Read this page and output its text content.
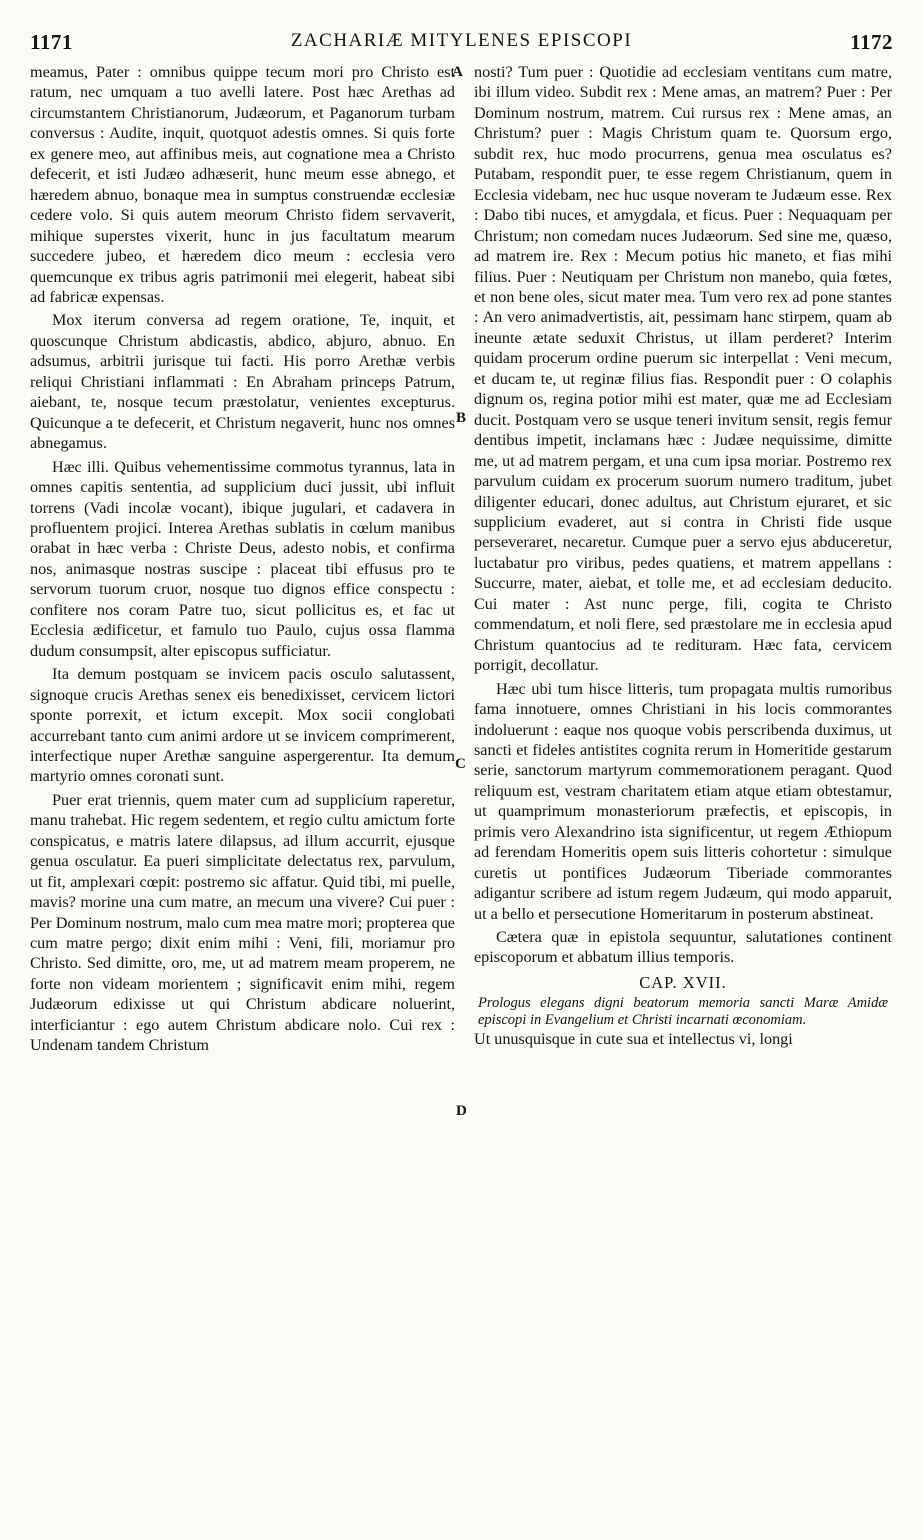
1171	ZACHARIÆ MITYLENES EPISCOPI	1172
A
B
C
D

meamus, Pater : omnibus quippe tecum mori pro Christo est ratum, nec umquam a tuo avelli latere. Post hæc Arethas ad circumstantem Christianorum, Judæorum, et Paganorum turbam conversus : Audite, inquit, quotquot adestis omnes. Si quis forte ex genere meo, aut affinibus meis, aut cognatione mea a Christo defecerit, et isti Judæo adhæserit, hunc meum esse abnego, et hæredem abnuo, bonaque mea in sumptus construendæ ecclesiæ cedere volo. Si quis autem meorum Christo fidem servaverit, mihique superstes vixerit, hunc in jus facultatum mearum succedere jubeo, et hæredem dico meum : ecclesia vero quemcunque ex tribus agris patrimonii mei elegerit, habeat sibi ad fabricæ expensas.

Mox iterum conversa ad regem oratione, Te, inquit, et quoscunque Christum abdicastis, abdico, abjuro, abnuo. En adsumus, arbitrii jurisque tui facti. His porro Arethæ verbis reliqui Christiani inflammati : En Abraham princeps Patrum, aiebant, te, nosque tecum præstolatur, venientes excepturus. Quicunque a te defecerit, et Christum negaverit, hunc nos omnes abnegamus.

Hæc illi. Quibus vehementissime commotus tyrannus, lata in omnes capitis sententia, ad supplicium duci jussit, ubi influit torrens (Vadi incolæ vocant), ibique jugulari, et cadavera in profluentem projici. Interea Arethas sublatis in cœlum manibus orabat in hæc verba : Christe Deus, adesto nobis, et confirma nos, animasque nostras suscipe : placeat tibi effusus pro te servorum tuorum cruor, nosque tuo dignos effice conspectu : confitere nos coram Patre tuo, sicut pollicitus es, et fac ut Ecclesia ædificetur, et famulo tuo Paulo, cujus ossa flamma dudum consumpsit, alter episcopus sufficiatur.

Ita demum postquam se invicem pacis osculo salutassent, signoque crucis Arethas senex eis benedixisset, cervicem lictori sponte porrexit, et ictum excepit. Mox socii conglobati accurrebant tanto cum animi ardore ut se invicem comprimerent, interfectique nuper Arethæ sanguine aspergerentur. Ita demum martyrio omnes coronati sunt.

Puer erat triennis, quem mater cum ad supplicium raperetur, manu trahebat. Hic regem sedentem, et regio cultu amictum forte conspicatus, e matris latere dilapsus, ad illum accurrit, ejusque genua osculatur. Ea pueri simplicitate delectatus rex, parvulum, ut fit, amplexari cœpit: postremo sic affatur. Quid tibi, mi puelle, mavis? morine una cum matre, an mecum una vivere? Cui puer : Per Dominum nostrum, malo cum mea matre mori; propterea que cum matre pergo; dixit enim mihi : Veni, fili, moriamur pro Christo. Sed dimitte, oro, me, ut ad matrem meam properem, ne forte non videam morientem ; significavit enim mihi, regem Judæorum edixisse ut qui Christum abdicare noluerint, interficiantur : ego autem Christum abdicare nolo. Cui rex : Undenam tandem Christum

nosti? Tum puer : Quotidie ad ecclesiam ventitans cum matre, ibi illum video. Subdit rex : Mene amas, an matrem? Puer : Per Dominum nostrum, matrem. Cui rursus rex : Mene amas, an Christum? puer : Magis Christum quam te. Quorsum ergo, subdit rex, huc modo procurrens, genua mea osculatus es? Putabam, respondit puer, te esse regem Christianum, quem in Ecclesia videbam, nec huc usque noveram te Judæum esse. Rex : Dabo tibi nuces, et amygdala, et ficus. Puer : Nequaquam per Christum; non comedam nuces Judæorum. Sed sine me, quæso, ad matrem ire. Rex : Mecum potius hic maneto, et fias mihi filius. Puer : Neutiquam per Christum non manebo, quia fœtes, et non bene oles, sicut mater mea. Tum vero rex ad pone stantes : An vero animadvertistis, ait, pessimam hanc stirpem, quam ab ineunte ætate seduxit Christus, ut illam perderet? Interim quidam procerum ordine puerum sic interpellat : Veni mecum, et ducam te, ut reginæ filius fias. Respondit puer : O colaphis dignum os, regina potior mihi est mater, quæ me ad Ecclesiam ducit. Postquam vero se usque teneri invitum sensit, regis femur dentibus impetit, inclamans hæc : Judæe nequissime, dimitte me, ut ad matrem pergam, et una cum ipsa moriar. Postremo rex parvulum cuidam ex procerum suorum numero traditum, jubet diligenter educari, donec adultus, aut Christum ejuraret, et sic supplicium evaderet, aut si contra in Christi fide usque perseveraret, necaretur. Cumque puer a servo ejus abduceretur, luctabatur pro viribus, pedes quatiens, et matrem appellans : Succurre, mater, aiebat, et tolle me, et ad ecclesiam deducito. Cui mater : Ast nunc perge, fili, cogita te Christo commendatum, et noli flere, sed præstolare me in ecclesia apud Christum quantocius ad te redituram. Hæc fata, cervicem porrigit, decollatur.

Hæc ubi tum hisce litteris, tum propagata multis rumoribus fama innotuere, omnes Christiani in his locis commorantes indoluerunt : eaque nos quoque vobis perscribenda duximus, ut sancti et fideles antistites cognita rerum in Homeritide gestarum serie, sanctorum martyrum commemorationem peragant. Quod reliquum est, vestram charitatem etiam atque etiam obtestamur, ut quamprimum monasteriorum præfectis, et episcopis, in primis vero Alexandrino ista significentur, ut regem Æthiopum ad ferendam Homeritis opem suis litteris cohortetur : simulque curetis ut pontifices Judæorum Tiberiade commorantes adigantur scribere ad istum regem Judæum, qui modo apparuit, ut a bello et persecutione Homeritarum in posterum abstineat.

Cætera quæ in epistola sequuntur, salutationes continent episcoporum et abbatum illius temporis.

CAP. XVII.

Prologus elegans digni beatorum memoria sancti Maræ Amidæ episcopi in Evangelium et Christi incarnati œconomiam.

Ut unusquisque in cute sua et intellectus vi, longi
